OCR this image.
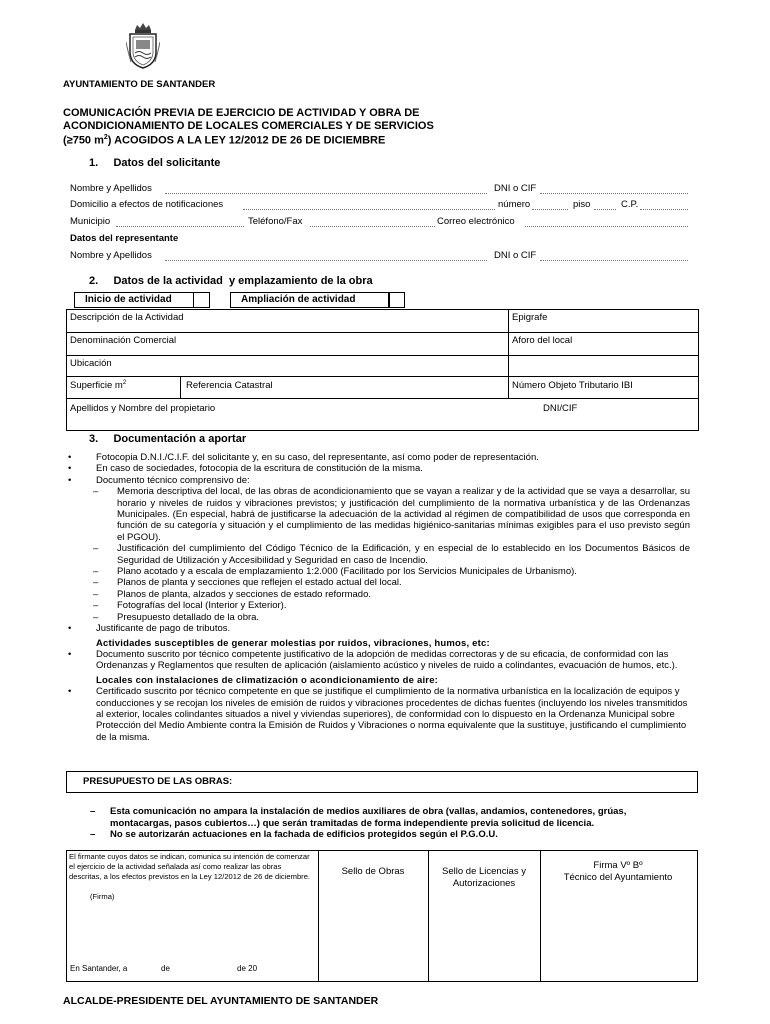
AYUNTAMIENTO DE SANTANDER
COMUNICACIÓN PREVIA DE EJERCICIO DE ACTIVIDAD Y OBRA DE
ACONDICIONAMIENTO DE LOCALES COMERCIALES Y DE SERVICIOS
(≥750 $m^2$) ACOGIDOS A LA LEY 12/2012 DE 26 DE DICIEMBRE
1.     Datos del solicitante
Nombre y Apellidos	DNI o CIF
Domicilio a efectos de notificaciones	número	piso	C.P.
Municipio	Teléfono/Fax	Correo electrónico
Datos del representante
Nombre y Apellidos	DNI o CIF
2.     Datos de la actividad  y emplazamiento de la obra
Inicio de actividad	Ampliación de actividad
Descripción de la Actividad	Epigrafe
Denominación Comercial	Aforo del local
Ubicación
Superficie $m^2$	Referencia Catastral	Número Objeto Tributario IBI
Apellidos y Nombre del propietario	DNI/CIF
3.     Documentación a aportar
• Fotocopia D.N.I./C.I.F. del solicitante y, en su caso, del representante, así como poder de representación.
• En caso de sociedades, fotocopia de la escritura de constitución de la misma.
• Documento técnico comprensivo de:
– Memoria descriptiva del local, de las obras de acondicionamiento que se vayan a realizar y de la actividad que se vaya a desarrollar, su horario y niveles de ruidos y vibraciones previstos; y justificación del cumplimiento de la normativa urbanística y de las Ordenanzas Municipales. (En especial, habrá de justificarse la adecuación de la actividad al régimen de compatibilidad de usos que corresponda en función de su categoría y situación y el cumplimiento de las medidas higiénico-sanitarias mínimas exigibles para el uso previsto según el PGOU).
– Justificación del cumplimiento del Código Técnico de la Edificación, y en especial de lo establecido en los Documentos Básicos de Seguridad de Utilización y Accesibilidad y Seguridad en caso de Incendio.
– Plano acotado y a escala de emplazamiento 1:2.000 (Facilitado por los Servicios Municipales de Urbanismo).
– Planos de planta y secciones que reflejen el estado actual del local.
– Planos de planta, alzados y secciones de estado reformado.
– Fotografías del local (Interior y Exterior).
– Presupuesto detallado de la obra.
• Justificante de pago de tributos.
Actividades susceptibles de generar molestias por ruidos, vibraciones, humos, etc:
• Documento suscrito por técnico competente justificativo de la adopción de medidas correctoras y de su eficacia, de conformidad con las Ordenanzas y Reglamentos que resulten de aplicación (aislamiento acústico y niveles de ruido a colindantes, evacuación de humos, etc.).
Locales con instalaciones de climatización o acondicionamiento de aire:
• Certificado suscrito por técnico competente en que se justifique el cumplimiento de la normativa urbanística en la localización de equipos y conducciones y se recojan los niveles de emisión de ruidos y vibraciones procedentes de dichas fuentes (incluyendo los niveles transmitidos al exterior, locales colindantes situados a nivel y viviendas superiores), de conformidad con lo dispuesto en la Ordenanza Municipal sobre Protección del Medio Ambiente contra la Emisión de Ruidos y Vibraciones o norma equivalente que la sustituye, justificando el cumplimiento de la misma.
PRESUPUESTO DE LAS OBRAS:
– Esta comunicación no ampara la instalación de medios auxiliares de obra (vallas, andamios, contenedores, grúas, montacargas, pasos cubiertos…) que serán tramitadas de forma independiente previa solicitud de licencia.
– No se autorizarán actuaciones en la fachada de edificios protegidos según el P.G.O.U.
El firmante cuyos datos se indican, comunica su intención de comenzar el ejercicio de la actividad señalada así como realizar las obras descritas, a los efectos previstos en la Ley 12/2012 de 26 de diciembre.
(Firma)
En Santander, a	de	de 20
Sello de Obras	Sello de Licencias y Autorizaciones
Firma Vº Bº
Técnico del Ayuntamiento
ALCALDE-PRESIDENTE DEL AYUNTAMIENTO DE SANTANDER
